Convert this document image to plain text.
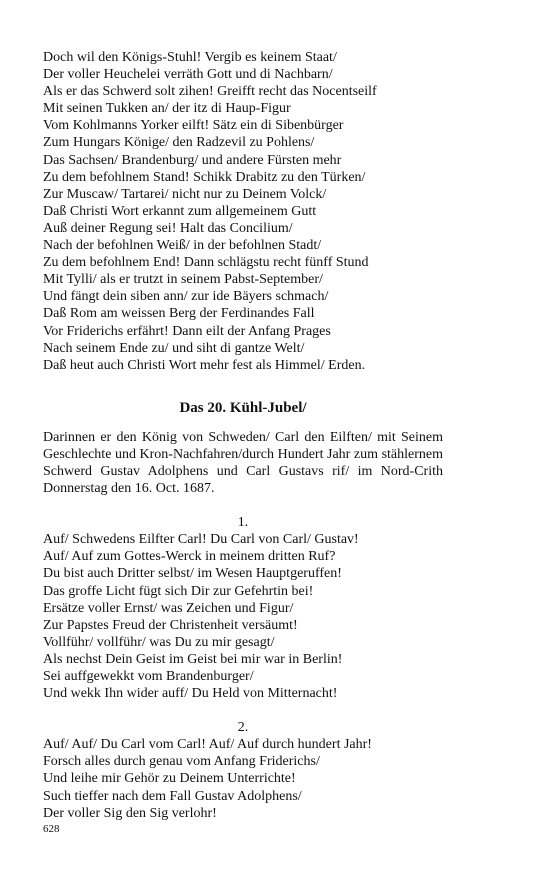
Doch wil den Königs-Stuhl! Vergib es keinem Staat/
Der voller Heuchelei verräth Gott und di Nachbarn/
Als er das Schwerd solt zihen! Greifft recht das Nocentseilf
Mit seinen Tukken an/ der itz di Haup-Figur
Vom Kohlmanns Yorker eilft! Sätz ein di Sibenbürger
Zum Hungars Könige/ den Radzevil zu Pohlens/
Das Sachsen/ Brandenburg/ und andere Fürsten mehr
Zu dem befohlnem Stand! Schikk Drabitz zu den Türken/
Zur Muscaw/ Tartarei/ nicht nur zu Deinem Volck/
Daß Christi Wort erkannt zum allgemeinem Gutt
Auß deiner Regung sei! Halt das Concilium/
Nach der befohlnen Weiß/ in der befohlnen Stadt/
Zu dem befohlnem End! Dann schlägstu recht fünff Stund
Mit Tylli/ als er trutzt in seinem Pabst-September/
Und fängt dein siben ann/ zur ide Bäyers schmach/
Daß Rom am weissen Berg der Ferdinandes Fall
Vor Friderichs erfährt! Dann eilt der Anfang Prages
Nach seinem Ende zu/ und siht di gantze Welt/
Daß heut auch Christi Wort mehr fest als Himmel/ Erden.
Das 20. Kühl-Jubel/

Darinnen er den König von Schweden/ Carl den Eilften/ mit Seinem Geschlechte und Kron-Nachfahren/durch Hundert Jahr zum stählernem Schwerd Gustav Adolphens und Carl Gustavs rif/ im Nord-Crith Donnerstag den 16. Oct. 1687.

1.
Auf/ Schwedens Eilfter Carl! Du Carl von Carl/ Gustav!
Auf/ Auf zum Gottes-Werck in meinem dritten Ruf?
Du bist auch Dritter selbst/ im Wesen Hauptgeruffen!
Das groffe Licht fügt sich Dir zur Gefehrtin bei!
Ersätze voller Ernst/ was Zeichen und Figur/
Zur Papstes Freud der Christenheit versäumt!
Vollführ/ vollführ/ was Du zu mir gesagt/
Als nechst Dein Geist im Geist bei mir war in Berlin!
Sei auffgewekkt vom Brandenburger/
Und wekk Ihn wider auff/ Du Held von Mitternacht!
2.
Auf/ Auf/ Du Carl vom Carl! Auf/ Auf durch hundert Jahr!
Forsch alles durch genau vom Anfang Friderichs/
Und leihe mir Gehör zu Deinem Unterrichte!
Such tieffer nach dem Fall Gustav Adolphens/
Der voller Sig den Sig verlohr!
628
